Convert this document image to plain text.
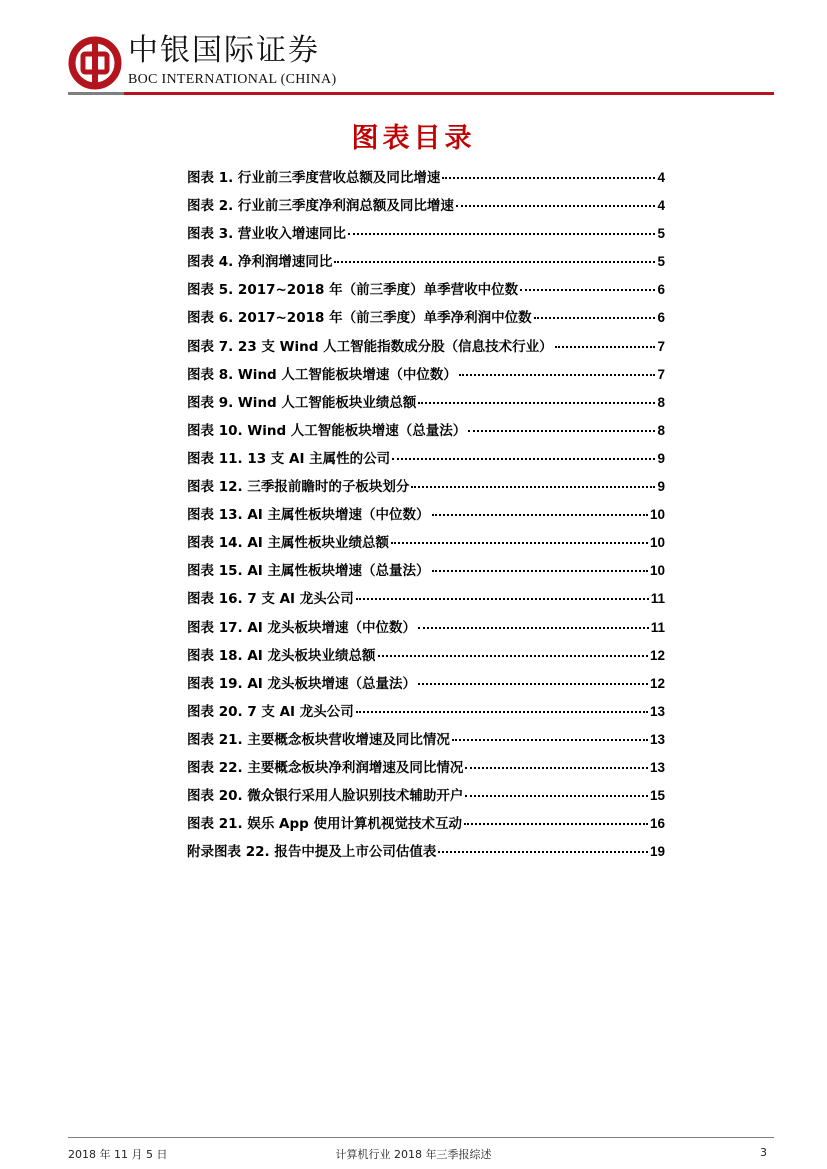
中银国际证券
BOC INTERNATIONAL (CHINA)
图表目录
图表 1. 行业前三季度营收总额及同比增速	4
图表 2. 行业前三季度净利润总额及同比增速	4
图表 3. 营业收入增速同比	5
图表 4. 净利润增速同比	5
图表 5. 2017~2018 年（前三季度）单季营收中位数	6
图表 6. 2017~2018 年（前三季度）单季净利润中位数	6
图表 7. 23 支 Wind 人工智能指数成分股（信息技术行业）	7
图表 8. Wind 人工智能板块增速（中位数）	7
图表 9. Wind 人工智能板块业绩总额	8
图表 10. Wind 人工智能板块增速（总量法）	8
图表 11. 13 支 AI 主属性的公司	9
图表 12. 三季报前瞻时的子板块划分	9
图表 13. AI 主属性板块增速（中位数）	10
图表 14. AI 主属性板块业绩总额	10
图表 15. AI 主属性板块增速（总量法）	10
图表 16. 7 支 AI 龙头公司	11
图表 17. AI 龙头板块增速（中位数）	11
图表 18. AI 龙头板块业绩总额	12
图表 19. AI 龙头板块增速（总量法）	12
图表 20. 7 支 AI 龙头公司	13
图表 21. 主要概念板块营收增速及同比情况	13
图表 22. 主要概念板块净利润增速及同比情况	13
图表 20. 微众银行采用人脸识别技术辅助开户	15
图表 21. 娱乐 App 使用计算机视觉技术互动	16
附录图表 22. 报告中提及上市公司估值表	19
2018 年 11 月 5 日	计算机行业 2018 年三季报综述	3
